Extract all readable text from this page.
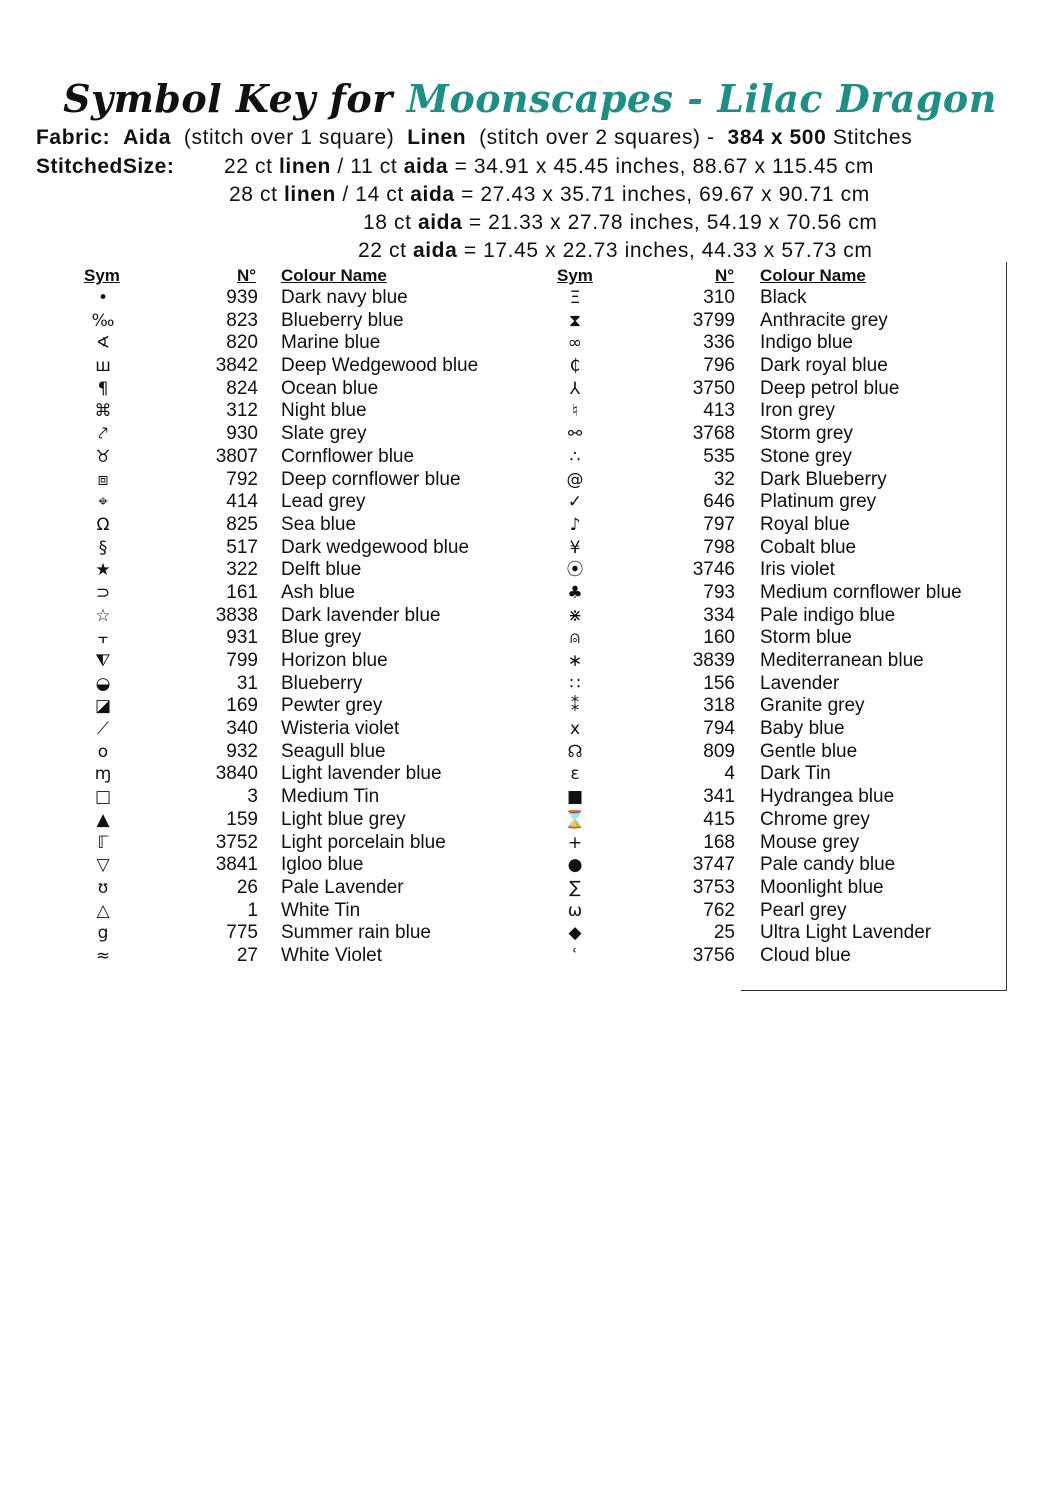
Symbol Key for Moonscapes - Lilac Dragon
Fabric: Aida (stitch over 1 square) Linen (stitch over 2 squares) - 384 x 500 Stitches
StitchedSize: 22 ct linen / 11 ct aida = 34.91 x 45.45 inches, 88.67 x 115.45 cm
28 ct linen / 14 ct aida = 27.43 x 35.71 inches, 69.67 x 90.71 cm
18 ct aida = 21.33 x 27.78 inches, 54.19 x 70.56 cm
22 ct aida = 17.45 x 22.73 inches, 44.33 x 57.73 cm
Sym	N° Colour Name	Sym	N° Colour Name
•	939 Dark navy blue
‰	823 Blueberry blue
∢	820 Marine blue
ш	3842 Deep Wedgewood blue
¶	824 Ocean blue
⌘	312 Night blue
⤤	930 Slate grey
♉	3807 Cornflower blue
⧈	792 Deep cornflower blue
⌖	414 Lead grey
Ω	825 Sea blue
§	517 Dark wedgewood blue
★	322 Delft blue
⊃	161 Ash blue
☆	3838 Dark lavender blue
⫟	931 Blue grey
⧨	799 Horizon blue
◒	31 Blueberry
◪	169 Pewter grey
⟋	340 Wisteria violet
o	932 Seagull blue
ɱ	3840 Light lavender blue
□	3 Medium Tin
▲	159 Light blue grey
ℾ	3752 Light porcelain blue
▽	3841 Igloo blue
ʊ	26 Pale Lavender
△	1 White Tin
g	775 Summer rain blue
≈	27 White Violet
Ξ	310 Black
⧗	3799 Anthracite grey
∞	336 Indigo blue
₵	796 Dark royal blue
⅄	3750 Deep petrol blue
♮	413 Iron grey
⚯	3768 Storm grey
∴	535 Stone grey
@	32 Dark Blueberry
✓	646 Platinum grey
♪	797 Royal blue
¥	798 Cobalt blue
⦿	3746 Iris violet
♣	793 Medium cornflower blue
⋇	334 Pale indigo blue
⍝	160 Storm blue
∗	3839 Mediterranean blue
∷	156 Lavender
⁑	318 Granite grey
x	794 Baby blue
☊	809 Gentle blue
ε	4 Dark Tin
■	341 Hydrangea blue
⌛	415 Chrome grey
+	168 Mouse grey
●	3747 Pale candy blue
∑	3753 Moonlight blue
ω	762 Pearl grey
◆	25 Ultra Light Lavender
ʿ	3756 Cloud blue
